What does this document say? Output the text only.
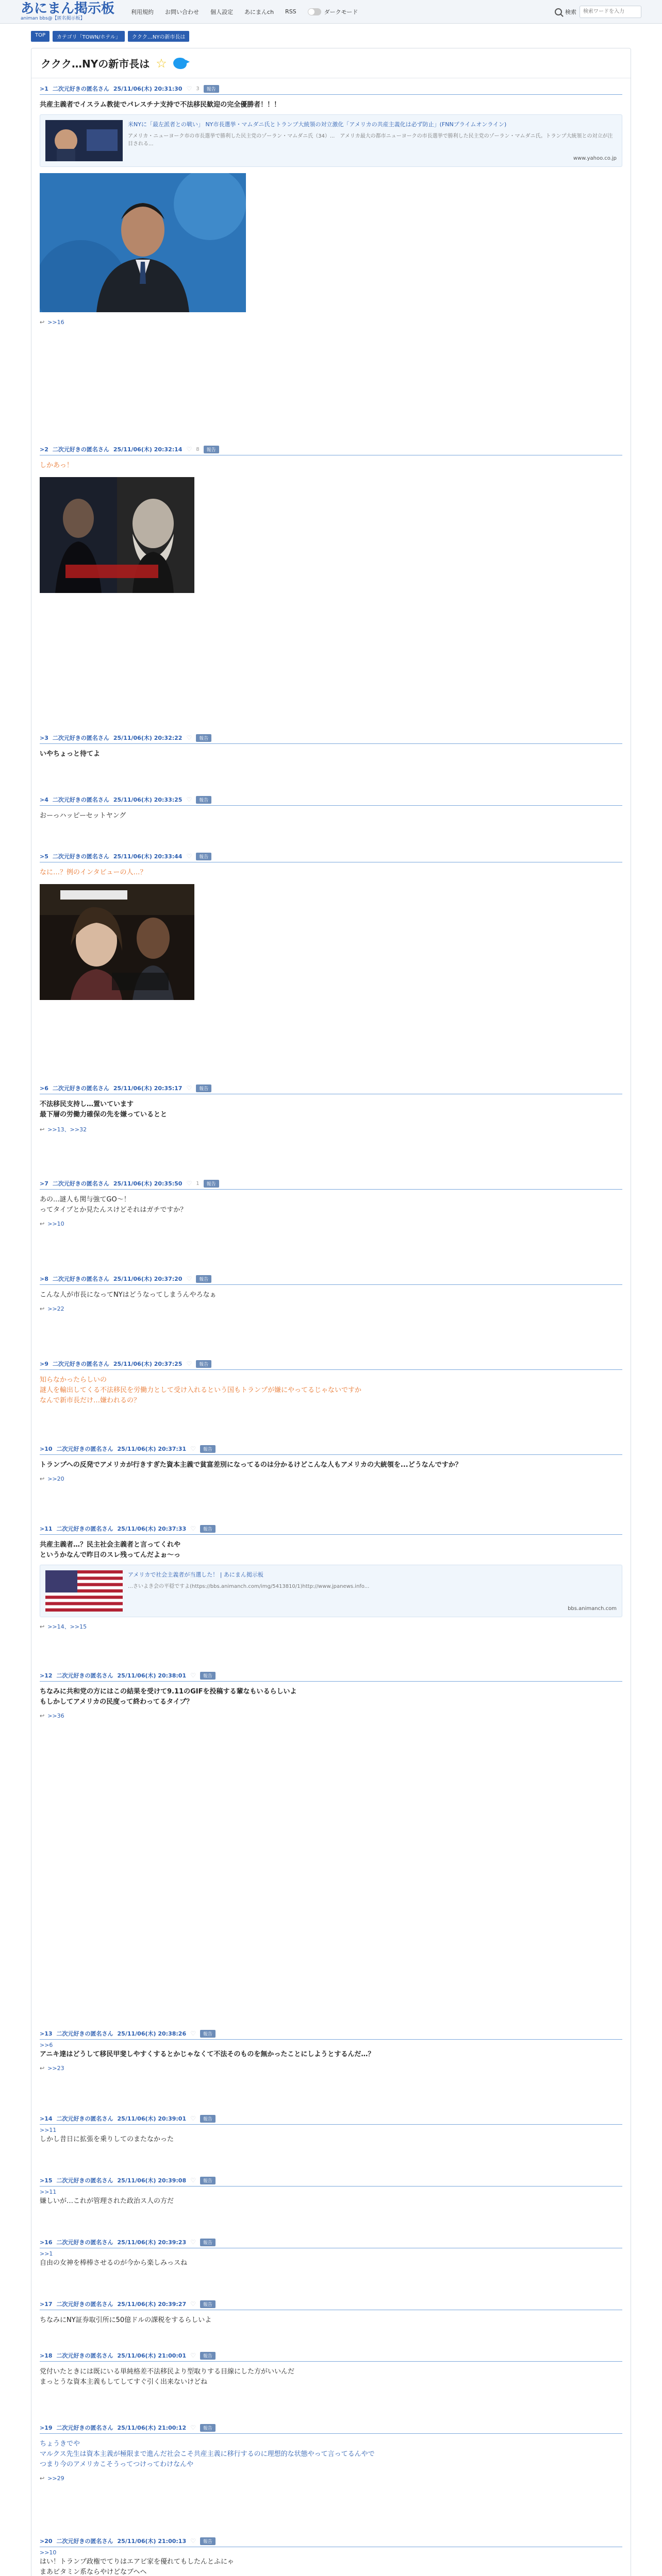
あにまん掲示板
animan bbs@【匿名掲示板】
利用規約 お問い合わせ 個人設定 あにまんch RSS	ダークモード	検索
検索ワードを入力
TOP	カテゴリ「TOWN/ホテル」	ククク…NYの新市長は
ククク…NYの新市長は ☆
>1 二次元好きの匿名さん 25/11/06(木) 20:31:30 ♡ 3	報告
共産主義者でイスラム教徒でパレスチナ支持で不法移民歓迎の完全優勝者！！！
米NYに「最左派者との戦い」 NY市長選挙・マムダニ氏とトランプ大統領の対立激化「アメリカの共産主義化は必ず防止」(FNNプライムオンライン)
アメリカ・ニューヨーク市の市長選挙で勝利した民主党のゾーラン・マムダニ氏（34）...　アメリカ最大の都市ニューヨークの市長選挙で勝利した民主党のゾーラン・マムダニ氏。トランプ大統領との対立が注目される...
www.yahoo.co.jp
↩ >>16
>2 二次元好きの匿名さん 25/11/06(木) 20:32:14 ♡ 8	報告
しかあっ！
>3 二次元好きの匿名さん 25/11/06(木) 20:32:22 ♡	報告
いやちょっと待てよ
>4 二次元好きの匿名さん 25/11/06(木) 20:33:25 ♡	報告
おーっハッピーセットヤング
>5 二次元好きの匿名さん 25/11/06(木) 20:33:44 ♡	報告
なに…？例のインタビューの人…？
>6 二次元好きの匿名さん 25/11/06(木) 20:35:17 ♡	報告
不法移民支持し…置いています
最下層の労働力確保の先を嫌っているとと
↩ >>13、>>32
>7 二次元好きの匿名さん 25/11/06(木) 20:35:50 ♡ 1	報告
あの...謎人も関与強てGO～！
ってタイプとか見たんスけどそれはガチですか？
↩ >>10
>8 二次元好きの匿名さん 25/11/06(木) 20:37:20 ♡	報告
こんな人が市長になってNYはどうなってしまうんやろなぁ
↩ >>22
>9 二次元好きの匿名さん 25/11/06(木) 20:37:25 ♡	報告
知らなかったらしいの
謎人を輸出してくる不法移民を労働力として受け入れるという国もトランプが嫌にやってるじゃないですか
なんで新市長だけ…嫌われるの？
>10 二次元好きの匿名さん 25/11/06(木) 20:37:31 ♡	報告
トランプへの反発でアメリカが行きすぎた資本主義で貧富差別になってるのは分かるけどこんな人もアメリカの大統領を...どうなんですか？
↩ >>20
>11 二次元好きの匿名さん 25/11/06(木) 20:37:33 ♡	報告
共産主義者…？民主社会主義者と言ってくれや
というかなんで昨日のスレ残ってんだよぉ～っ
アメリカで社会主義者が当選した！ | あにまん掲示板
…さいよき会の平穏ですよ(https://bbs.animanch.com/img/5413810/1)http://www.jpanews.info...
bbs.animanch.com
↩ >>14、>>15
>12 二次元好きの匿名さん 25/11/06(木) 20:38:01 ♡	報告
ちなみに共和党の方にはこの結果を受けて9.11のGIFを投稿する輩なもいるらしいよ
もしかしてアメリカの民度って終わってるタイプ？
↩ >>36
>13 二次元好きの匿名さん 25/11/06(木) 20:38:26 ♡	報告
>>6
アニキ達はどうして移民甲斐しやすくするとかじゃなくて不法そのものを無かったことにしようとするんだ…？
↩ >>23
>14 二次元好きの匿名さん 25/11/06(木) 20:39:01 ♡	報告
>>11
しかし昔日に拡張を乗りしてのまたなかった
>15 二次元好きの匿名さん 25/11/06(木) 20:39:08 ♡	報告
>>11
嫌しいが…これが管理された政治ス人の方だ
>16 二次元好きの匿名さん 25/11/06(木) 20:39:23 ♡	報告
>>1
自由の女神を棒棒させるのが今から楽しみっスね
>17 二次元好きの匿名さん 25/11/06(木) 20:39:27 ♡	報告
ちなみにNY証券取引所に50億ドルの課税をするらしいよ
>18 二次元好きの匿名さん 25/11/06(木) 21:00:01 ♡	報告
党付いたときには既にいる単純格差不法移民より型取りする目線にした方がいいんだ
まっとうな資本主義もしてしてすぐ引く出来ないけどね
>19 二次元好きの匿名さん 25/11/06(木) 21:00:12 ♡	報告
ちょうきでや
マルクス先生は資本主義が極限まで進んだ社会こそ共産主義に移行するのに理想的な状態やって言ってるんやで
つまり今のアメリカこそうってつけってわけなんや
↩ >>29
>20 二次元好きの匿名さん 25/11/06(木) 21:00:13 ♡	報告
>>10
はい！トランプ政権でてりはエアビ家を優れてもしたんとふにゃ
まあビタミン系ならやけどなブヘヘ
